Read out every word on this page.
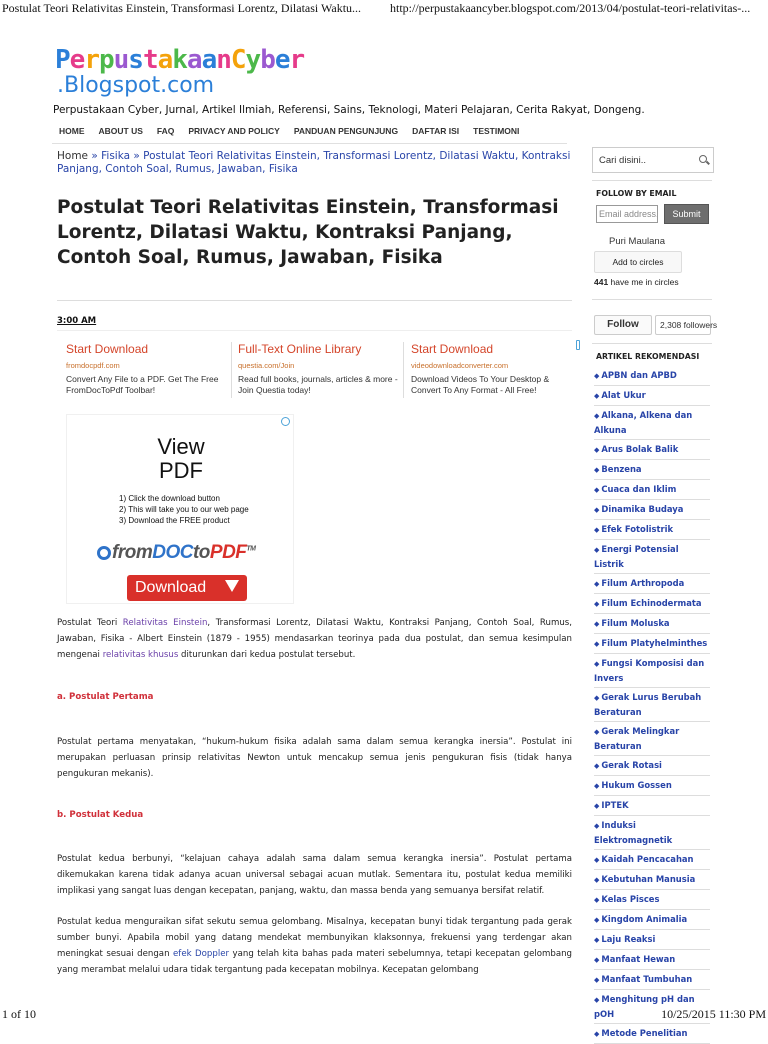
Postulat Teori Relativitas Einstein, Transformasi Lorentz, Dilatasi Waktu... http://perpustakaancyber.blogspot.com/2013/04/postulat-teori-relativitas-...
PerpustakaanCyber
.Blogspot.com
Perpustakaan Cyber, Jurnal, Artikel Ilmiah, Referensi, Sains, Teknologi, Materi Pelajaran, Cerita Rakyat, Dongeng.
HOME	ABOUT US	FAQ	PRIVACY AND POLICY	PANDUAN PENGUNJUNG	DAFTAR ISI	TESTIMONI
Home » Fisika » Postulat Teori Relativitas Einstein, Transformasi Lorentz, Dilatasi Waktu, Kontraksi Panjang, Contoh Soal, Rumus, Jawaban, Fisika
Postulat Teori Relativitas Einstein, Transformasi Lorentz, Dilatasi Waktu, Kontraksi Panjang, Contoh Soal, Rumus, Jawaban, Fisika
3:00 AM
Start Download
fromdocpdf.com
Convert Any File to a PDF. Get The Free FromDocToPdf Toolbar!
Full-Text Online Library
questia.com/Join
Read full books, journals, articles & more - Join Questia today!
Start Download
videodownloadconverter.com
Download Videos To Your Desktop & Convert To Any Format - All Free!
View
PDF
1) Click the download button
2) This will take you to our web page
3) Download the FREE product
fromDOCtoPDF™
Download
Postulat Teori Relativitas Einstein, Transformasi Lorentz, Dilatasi Waktu, Kontraksi Panjang, Contoh Soal, Rumus, Jawaban, Fisika - Albert Einstein (1879 - 1955) mendasarkan teorinya pada dua postulat, dan semua kesimpulan mengenai relativitas khusus diturunkan dari kedua postulat tersebut.
a. Postulat Pertama
Postulat pertama menyatakan, “hukum-hukum fisika adalah sama dalam semua kerangka inersia”. Postulat ini merupakan perluasan prinsip relativitas Newton untuk mencakup semua jenis pengukuran fisis (tidak hanya pengukuran mekanis).
b. Postulat Kedua
Postulat kedua berbunyi, “kelajuan cahaya adalah sama dalam semua kerangka inersia”. Postulat pertama dikemukakan karena tidak adanya acuan universal sebagai acuan mutlak. Sementara itu, postulat kedua memiliki implikasi yang sangat luas dengan kecepatan, panjang, waktu, dan massa benda yang semuanya bersifat relatif.
Postulat kedua menguraikan sifat sekutu semua gelombang. Misalnya, kecepatan bunyi tidak tergantung pada gerak sumber bunyi. Apabila mobil yang datang mendekat membunyikan klaksonnya, frekuensi yang terdengar akan meningkat sesuai dengan efek Doppler yang telah kita bahas pada materi sebelumnya, tetapi kecepatan gelombang yang merambat melalui udara tidak tergantung pada kecepatan mobilnya. Kecepatan gelombang
Cari disini..
FOLLOW BY EMAIL
Email address...
Submit
Puri Maulana
Add to circles
441 have me in circles
Follow	2,308 followers
ARTIKEL REKOMENDASI
◆ APBN dan APBD
◆ Alat Ukur
◆ Alkana, Alkena dan Alkuna
◆ Arus Bolak Balik
◆ Benzena
◆ Cuaca dan Iklim
◆ Dinamika Budaya
◆ Efek Fotolistrik
◆ Energi Potensial Listrik
◆ Filum Arthropoda
◆ Filum Echinodermata
◆ Filum Moluska
◆ Filum Platyhelminthes
◆ Fungsi Komposisi dan Invers
◆ Gerak Lurus Berubah Beraturan
◆ Gerak Melingkar Beraturan
◆ Gerak Rotasi
◆ Hukum Gossen
◆ IPTEK
◆ Induksi Elektromagnetik
◆ Kaidah Pencacahan
◆ Kebutuhan Manusia
◆ Kelas Pisces
◆ Kingdom Animalia
◆ Laju Reaksi
◆ Manfaat Hewan
◆ Manfaat Tumbuhan
◆ Menghitung pH dan pOH
◆ Metode Penelitian
1 of 10	10/25/2015 11:30 PM
